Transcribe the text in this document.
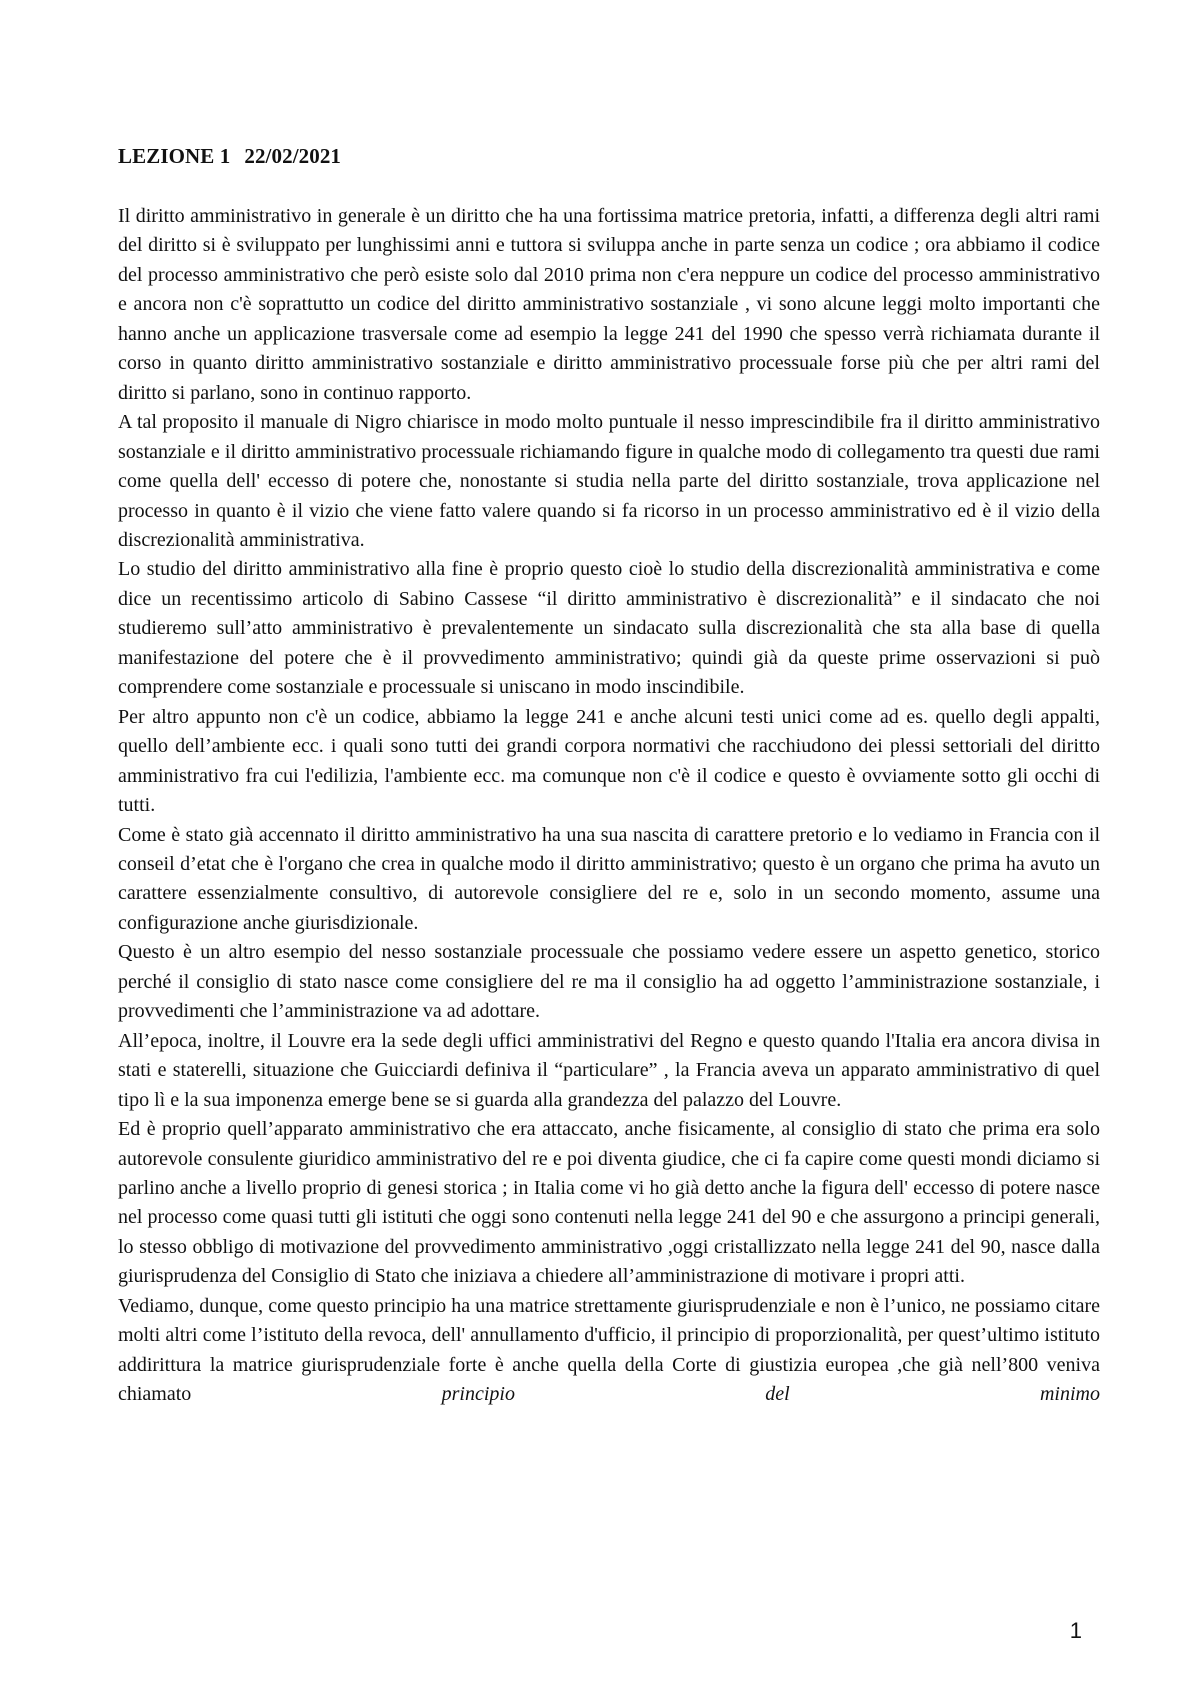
LEZIONE 1 22/02/2021

Il diritto amministrativo in generale è un diritto che ha una fortissima matrice pretoria, infatti, a differenza degli altri rami del diritto si è sviluppato per lunghissimi anni e tuttora si sviluppa anche in parte senza un codice ; ora abbiamo il codice del processo amministrativo che però esiste solo dal 2010 prima non c'era neppure un codice del processo amministrativo e ancora non c'è soprattutto un codice del diritto amministrativo sostanziale , vi sono alcune leggi molto importanti che hanno anche un applicazione trasversale come ad esempio la legge 241 del 1990 che spesso verrà richiamata durante il corso in quanto diritto amministrativo sostanziale e diritto amministrativo processuale forse più che per altri rami del diritto si parlano, sono in continuo rapporto.

A tal proposito il manuale di Nigro chiarisce in modo molto puntuale il nesso imprescindibile fra il diritto amministrativo sostanziale e il diritto amministrativo processuale richiamando figure in qualche modo di collegamento tra questi due rami come quella dell' eccesso di potere che, nonostante si studia nella parte del diritto sostanziale, trova applicazione nel processo in quanto è il vizio che viene fatto valere quando si fa ricorso in un processo amministrativo ed è il vizio della discrezionalità amministrativa.

Lo studio del diritto amministrativo alla fine è proprio questo cioè lo studio della discrezionalità amministrativa e come dice un recentissimo articolo di Sabino Cassese “il diritto amministrativo è discrezionalità” e il sindacato che noi studieremo sull’atto amministrativo è prevalentemente un sindacato sulla discrezionalità che sta alla base di quella manifestazione del potere che è il provvedimento amministrativo; quindi già da queste prime osservazioni si può comprendere come sostanziale e processuale si uniscano in modo inscindibile.

Per altro appunto non c'è un codice, abbiamo la legge 241 e anche alcuni testi unici come ad es. quello degli appalti, quello dell’ambiente ecc. i quali sono tutti dei grandi corpora normativi che racchiudono dei plessi settoriali del diritto amministrativo fra cui l'edilizia, l'ambiente ecc. ma comunque non c'è il codice e questo è ovviamente sotto gli occhi di tutti.

Come è stato già accennato il diritto amministrativo ha una sua nascita di carattere pretorio e lo vediamo in Francia con il conseil d’etat che è l'organo che crea in qualche modo il diritto amministrativo; questo è un organo che prima ha avuto un carattere essenzialmente consultivo, di autorevole consigliere del re e, solo in un secondo momento, assume una configurazione anche giurisdizionale.

Questo è un altro esempio del nesso sostanziale processuale che possiamo vedere essere un aspetto genetico, storico perché il consiglio di stato nasce come consigliere del re ma il consiglio ha ad oggetto l’amministrazione sostanziale, i provvedimenti che l’amministrazione va ad adottare.

All’epoca, inoltre, il Louvre era la sede degli uffici amministrativi del Regno e questo quando l'Italia era ancora divisa in stati e staterelli, situazione che Guicciardi definiva il “particulare” , la Francia aveva un apparato amministrativo di quel tipo lì e la sua imponenza emerge bene se si guarda alla grandezza del palazzo del Louvre.

Ed è proprio quell’apparato amministrativo che era attaccato, anche fisicamente, al consiglio di stato che prima era solo autorevole consulente giuridico amministrativo del re e poi diventa giudice, che ci fa capire come questi mondi diciamo si parlino anche a livello proprio di genesi storica ; in Italia come vi ho già detto anche la figura dell' eccesso di potere nasce nel processo come quasi tutti gli istituti che oggi sono contenuti nella legge 241 del 90 e che assurgono a principi generali, lo stesso obbligo di motivazione del provvedimento amministrativo ,oggi cristallizzato nella legge 241 del 90, nasce dalla giurisprudenza del Consiglio di Stato che iniziava a chiedere all’amministrazione di motivare i propri atti.

Vediamo, dunque, come questo principio ha una matrice strettamente giurisprudenziale e non è l’unico, ne possiamo citare molti altri come l’istituto della revoca, dell' annullamento d'ufficio, il principio di proporzionalità, per quest’ultimo istituto addirittura la matrice giurisprudenziale forte è anche quella della Corte di giustizia europea ,che già nell’800 veniva chiamato principio del minimo

1
